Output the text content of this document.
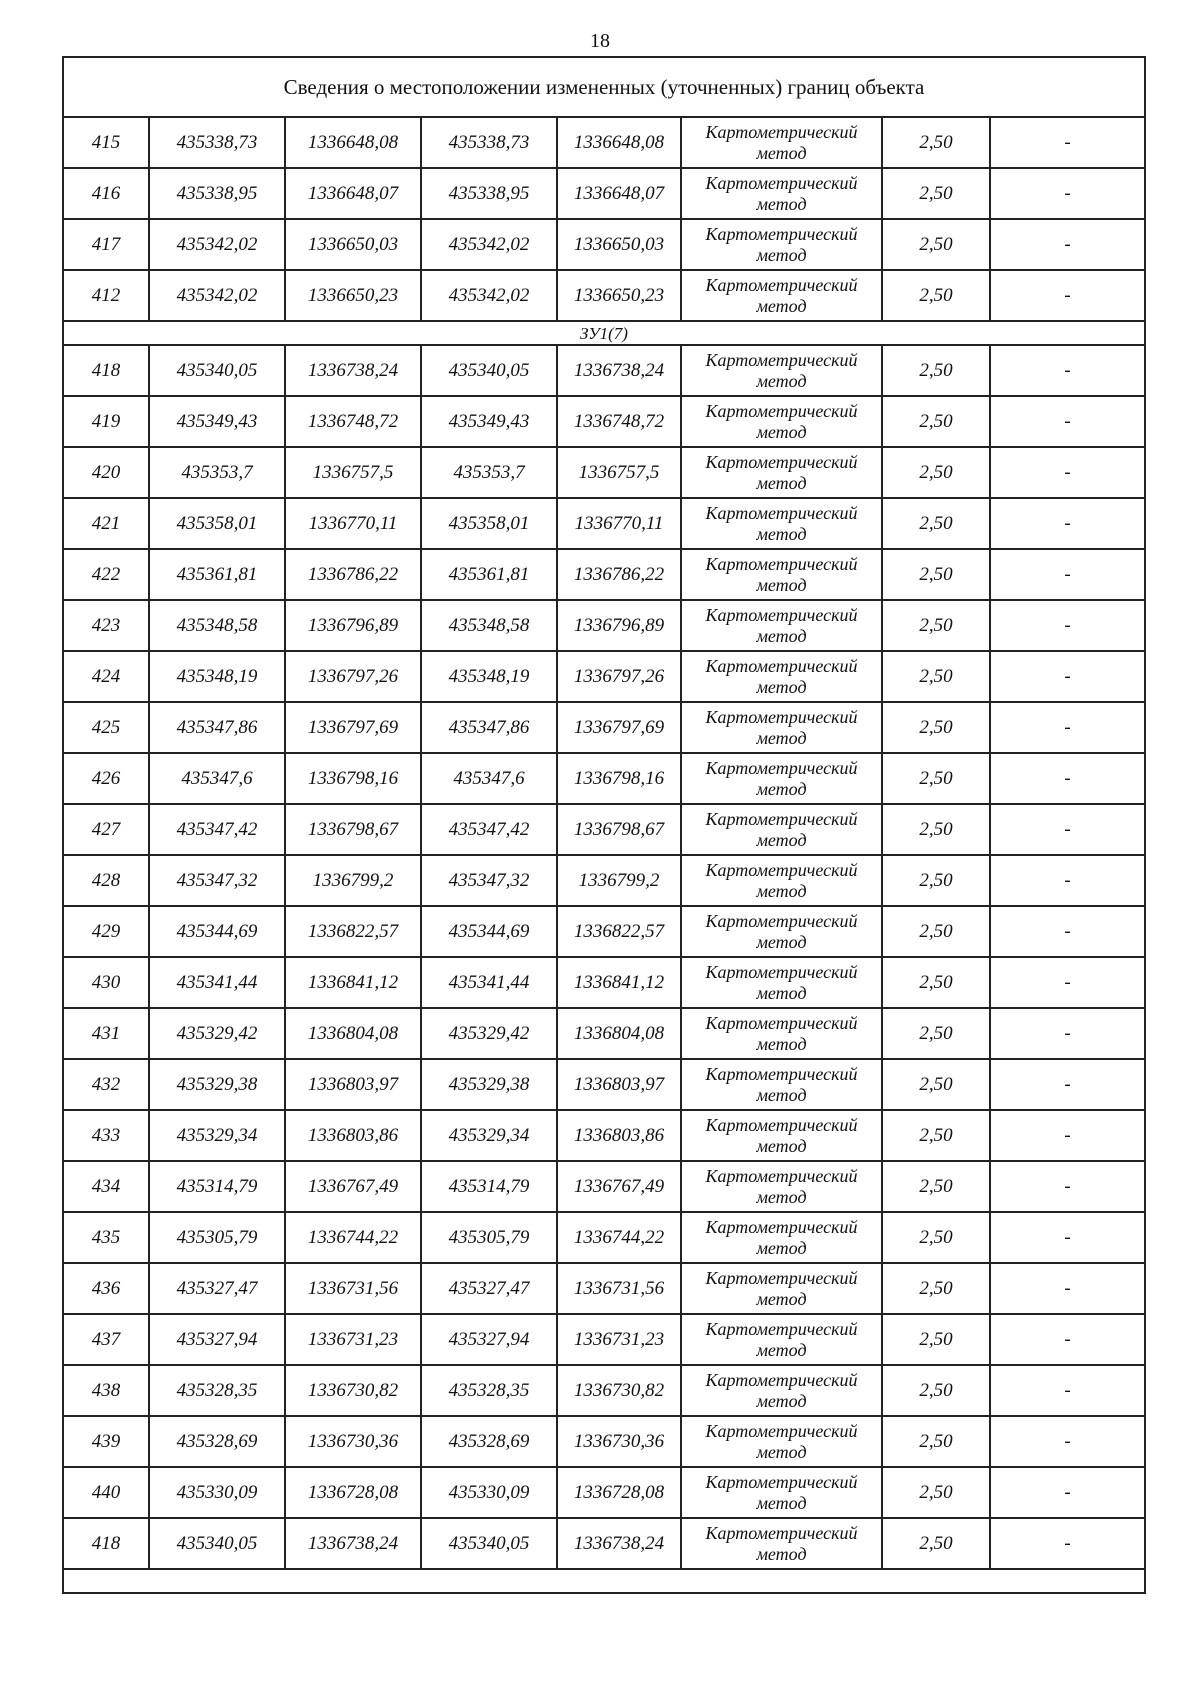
18
Сведения о местоположении измененных (уточненных) границ объекта							
415	435338,73	1336648,08	435338,73	1336648,08	Картометрический метод	2,50	-
416	435338,95	1336648,07	435338,95	1336648,07	Картометрический метод	2,50	-
417	435342,02	1336650,03	435342,02	1336650,03	Картометрический метод	2,50	-
412	435342,02	1336650,23	435342,02	1336650,23	Картометрический метод	2,50	-
ЗУ1(7)							
418	435340,05	1336738,24	435340,05	1336738,24	Картометрический метод	2,50	-
419	435349,43	1336748,72	435349,43	1336748,72	Картометрический метод	2,50	-
420	435353,7	1336757,5	435353,7	1336757,5	Картометрический метод	2,50	-
421	435358,01	1336770,11	435358,01	1336770,11	Картометрический метод	2,50	-
422	435361,81	1336786,22	435361,81	1336786,22	Картометрический метод	2,50	-
423	435348,58	1336796,89	435348,58	1336796,89	Картометрический метод	2,50	-
424	435348,19	1336797,26	435348,19	1336797,26	Картометрический метод	2,50	-
425	435347,86	1336797,69	435347,86	1336797,69	Картометрический метод	2,50	-
426	435347,6	1336798,16	435347,6	1336798,16	Картометрический метод	2,50	-
427	435347,42	1336798,67	435347,42	1336798,67	Картометрический метод	2,50	-
428	435347,32	1336799,2	435347,32	1336799,2	Картометрический метод	2,50	-
429	435344,69	1336822,57	435344,69	1336822,57	Картометрический метод	2,50	-
430	435341,44	1336841,12	435341,44	1336841,12	Картометрический метод	2,50	-
431	435329,42	1336804,08	435329,42	1336804,08	Картометрический метод	2,50	-
432	435329,38	1336803,97	435329,38	1336803,97	Картометрический метод	2,50	-
433	435329,34	1336803,86	435329,34	1336803,86	Картометрический метод	2,50	-
434	435314,79	1336767,49	435314,79	1336767,49	Картометрический метод	2,50	-
435	435305,79	1336744,22	435305,79	1336744,22	Картометрический метод	2,50	-
436	435327,47	1336731,56	435327,47	1336731,56	Картометрический метод	2,50	-
437	435327,94	1336731,23	435327,94	1336731,23	Картометрический метод	2,50	-
438	435328,35	1336730,82	435328,35	1336730,82	Картометрический метод	2,50	-
439	435328,69	1336730,36	435328,69	1336730,36	Картометрический метод	2,50	-
440	435330,09	1336728,08	435330,09	1336728,08	Картометрический метод	2,50	-
418	435340,05	1336738,24	435340,05	1336738,24	Картометрический метод	2,50	-
